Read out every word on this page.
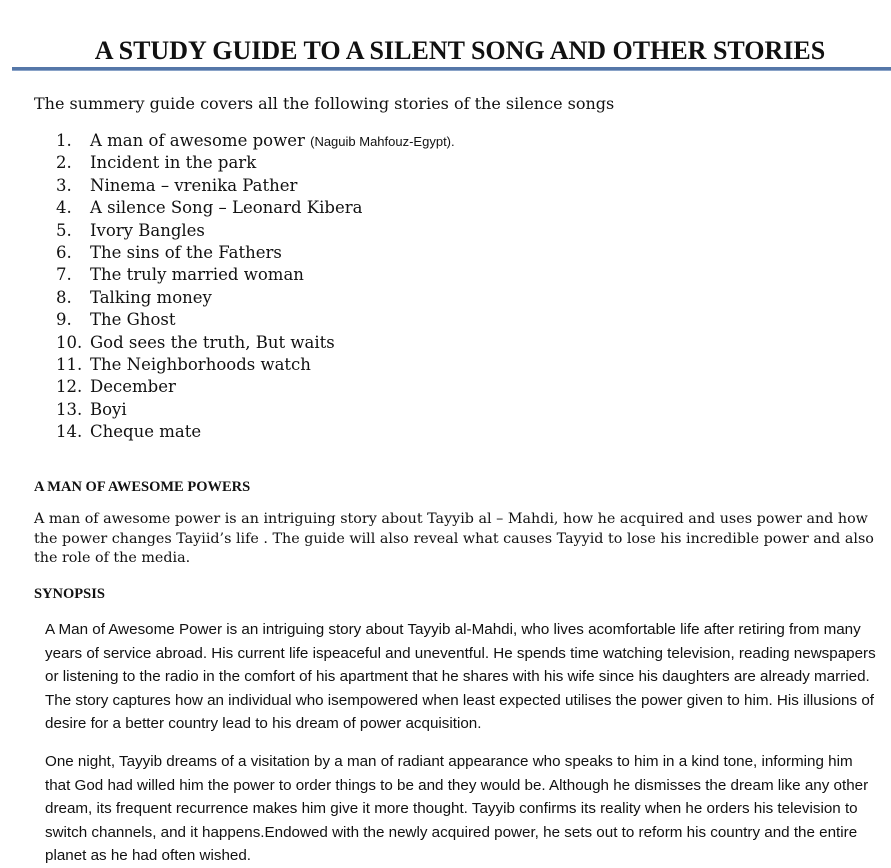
A STUDY GUIDE TO A SILENT SONG AND OTHER STORIES

The summery guide covers all the following stories of the silence songs

1. A man of awesome power (Naguib Mahfouz-Egypt).
2. Incident in the park
3. Ninema – vrenika Pather
4. A silence Song – Leonard Kibera
5. Ivory Bangles
6. The sins of the Fathers
7. The truly married woman
8. Talking money
9. The Ghost
10. God sees the truth, But waits
11. The Neighborhoods watch
12. December
13. Boyi
14. Cheque mate
A MAN OF AWESOME POWERS

A man of awesome power is an intriguing story about Tayyib al – Mahdi, how he acquired and uses power and how the power changes Tayiid’s life . The guide will also reveal what causes Tayyid to lose his incredible power and also the role of the media.

SYNOPSIS

A Man of Awesome Power is an intriguing story about Tayyib al-Mahdi, who lives acomfortable life after retiring from many years of service abroad. His current life ispeaceful and uneventful. He spends time watching television, reading newspapers or listening to the radio in the comfort of his apartment that he shares with his wife since his daughters are already married. The story captures how an individual who isempowered when least expected utilises the power given to him. His illusions of desire for a better country lead to his dream of power acquisition.

One night, Tayyib dreams of a visitation by a man of radiant appearance who speaks to him in a kind tone, informing him that God had willed him the power to order things to be and they would be. Although he dismisses the dream like any other dream, its frequent recurrence makes him give it more thought. Tayyib confirms its reality when he orders his television to switch channels, and it happens.Endowed with the newly acquired power, he sets out to reform his country and the entire planet as he had often wished.
